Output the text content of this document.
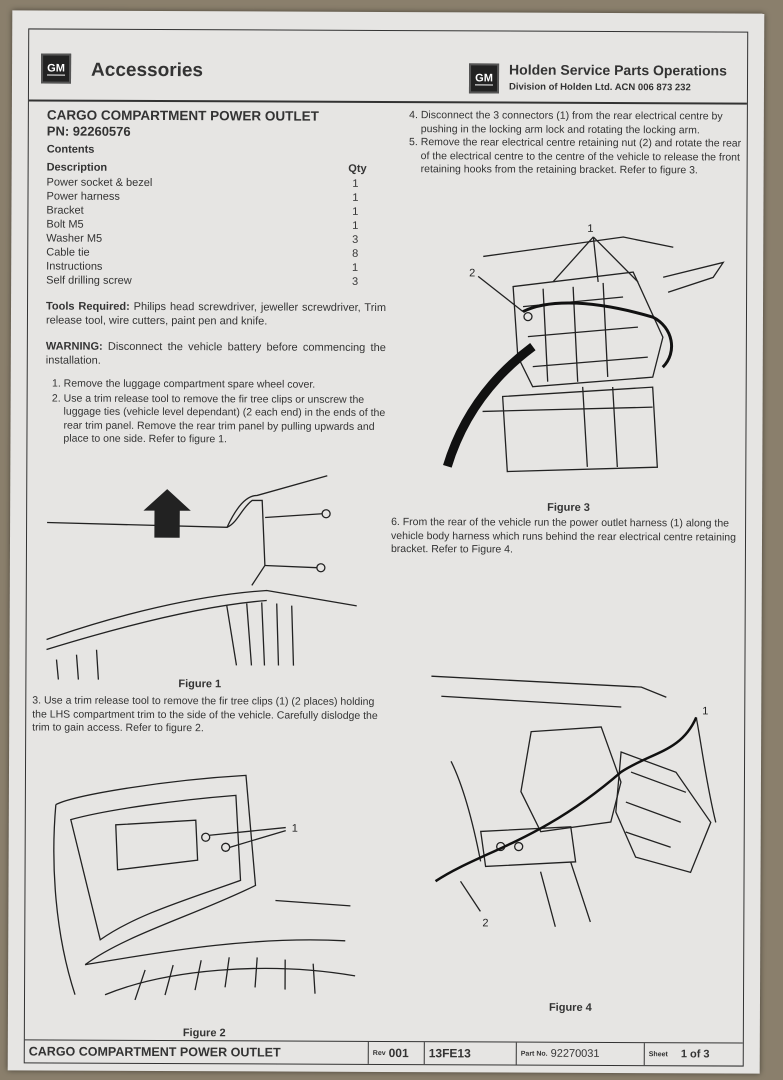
GM Accessories	GM Holden Service Parts Operations
Division of Holden Ltd. ACN 006 873 232
CARGO COMPARTMENT POWER OUTLET
PN: 92260576
Contents
Description	Qty
Power socket & bezel	1
Power harness	1
Bracket	1
Bolt M5	1
Washer M5	3
Cable tie	8
Instructions	1
Self drilling screw	3
Tools Required: Philips head screwdriver, jeweller screwdriver, Trim release tool, wire cutters, paint pen and knife.
WARNING: Disconnect the vehicle battery before commencing the installation.
1. Remove the luggage compartment spare wheel cover.
2. Use a trim release tool to remove the fir tree clips or unscrew the luggage ties (vehicle level dependant) (2 each end) in the ends of the rear trim panel. Remove the rear trim panel by pulling upwards and place to one side. Refer to figure 1.
Figure 1
3. Use a trim release tool to remove the fir tree clips (1) (2 places) holding the LHS compartment trim to the side of the vehicle. Carefully dislodge the trim to gain access. Refer to figure 2.
1
Figure 2
4. Disconnect the 3 connectors (1) from the rear electrical centre by pushing in the locking arm lock and rotating the locking arm.
5. Remove the rear electrical centre retaining nut (2) and rotate the rear of the electrical centre to the centre of the vehicle to release the front retaining hooks from the retaining bracket. Refer to figure 3.
1
2
Figure 3
6. From the rear of the vehicle run the power outlet harness (1) along the vehicle body harness which runs behind the rear electrical centre retaining bracket. Refer to Figure 4.
1
2
Figure 4
CARGO COMPARTMENT POWER OUTLET	Rev 001 13FE13	Part No. 92270031	Sheet 1 of 3
